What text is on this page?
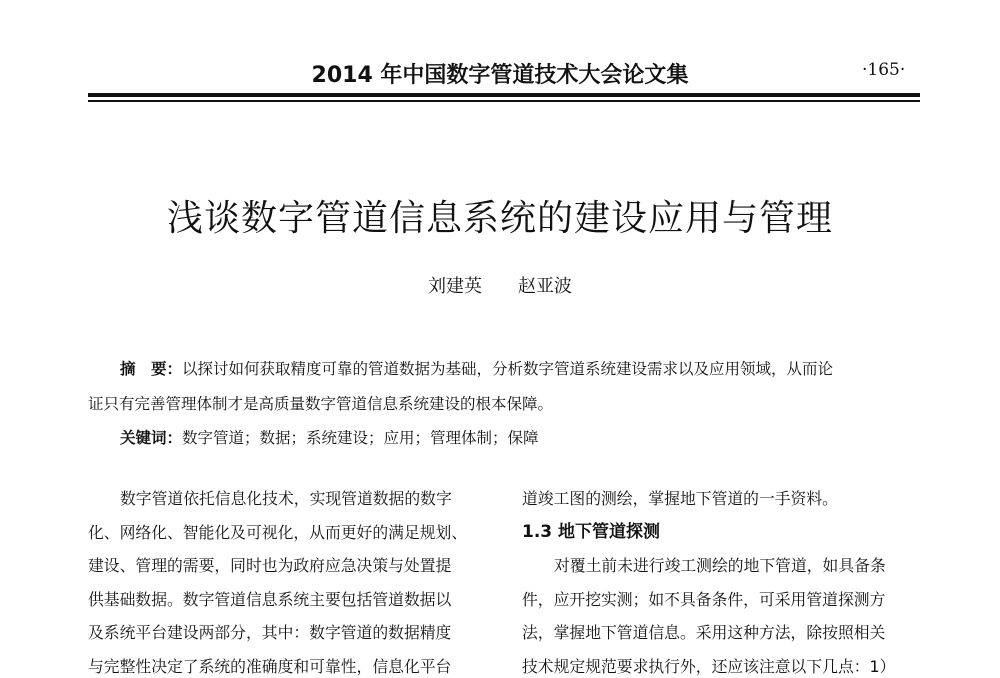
2014 年中国数字管道技术大会论文集	·165·
浅谈数字管道信息系统的建设应用与管理
刘建英 赵亚波
摘　要：以探讨如何获取精度可靠的管道数据为基础，分析数字管道系统建设需求以及应用领域，从而论
证只有完善管理体制才是高质量数字管道信息系统建设的根本保障。
关键词：数字管道；数据；系统建设；应用；管理体制；保障
数字管道依托信息化技术，实现管道数据的数字
化、网络化、智能化及可视化，从而更好的满足规划、
建设、管理的需要，同时也为政府应急决策与处置提
供基础数据。数字管道信息系统主要包括管道数据以
及系统平台建设两部分，其中：数字管道的数据精度
与完整性决定了系统的准确度和可靠性，信息化平台
道竣工图的测绘，掌握地下管道的一手资料。
1.3 地下管道探测
对覆土前未进行竣工测绘的地下管道，如具备条
件，应开挖实测；如不具备条件，可采用管道探测方
法，掌握地下管道信息。采用这种方法，除按照相关
技术规定规范要求执行外，还应该注意以下几点：1）
